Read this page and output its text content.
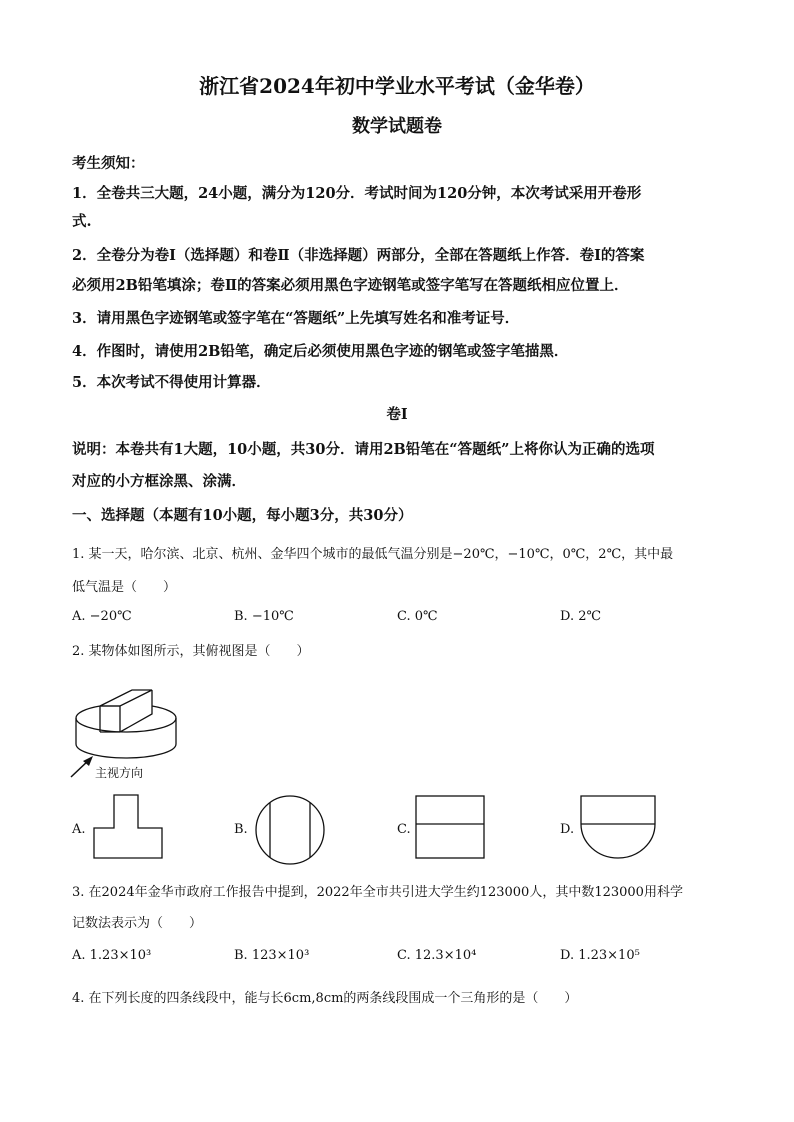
浙江省2024年初中学业水平考试（金华卷）
数学试题卷
考生须知：
1．全卷共三大题，24小题，满分为120分．考试时间为120分钟，本次考试采用开卷形
式.
2．全卷分为卷Ⅰ（选择题）和卷Ⅱ（非选择题）两部分，全部在答题纸上作答．卷Ⅰ的答案
必须用2B铅笔填涂；卷Ⅱ的答案必须用黑色字迹钢笔或签字笔写在答题纸相应位置上．
3．请用黑色字迹钢笔或签字笔在“答题纸”上先填写姓名和准考证号．
4．作图时，请使用2B铅笔，确定后必须使用黑色字迹的钢笔或签字笔描黑．
5．本次考试不得使用计算器．
卷Ⅰ
说明：本卷共有1大题，10小题，共30分．请用2B铅笔在“答题纸”上将你认为正确的选项
对应的小方框涂黑、涂满．
一、选择题（本题有10小题，每小题3分，共30分）
1. 某一天，哈尔滨、北京、杭州、金华四个城市的最低气温分别是−20℃，−10℃，0℃，2℃，其中最
低气温是（　　）
A. −20℃	B. −10℃	C. 0℃	D. 2℃
2. 某物体如图所示，其俯视图是（　　）
主视方向
A.	B.	C.	D.
3. 在2024年金华市政府工作报告中提到，2022年全市共引进大学生约123000人，其中数123000用科学
记数法表示为（　　）
A. 1.23×10³	B. 123×10³	C. 12.3×10⁴	D. 1.23×10⁵
4. 在下列长度的四条线段中，能与长6cm,8cm的两条线段围成一个三角形的是（　　）
